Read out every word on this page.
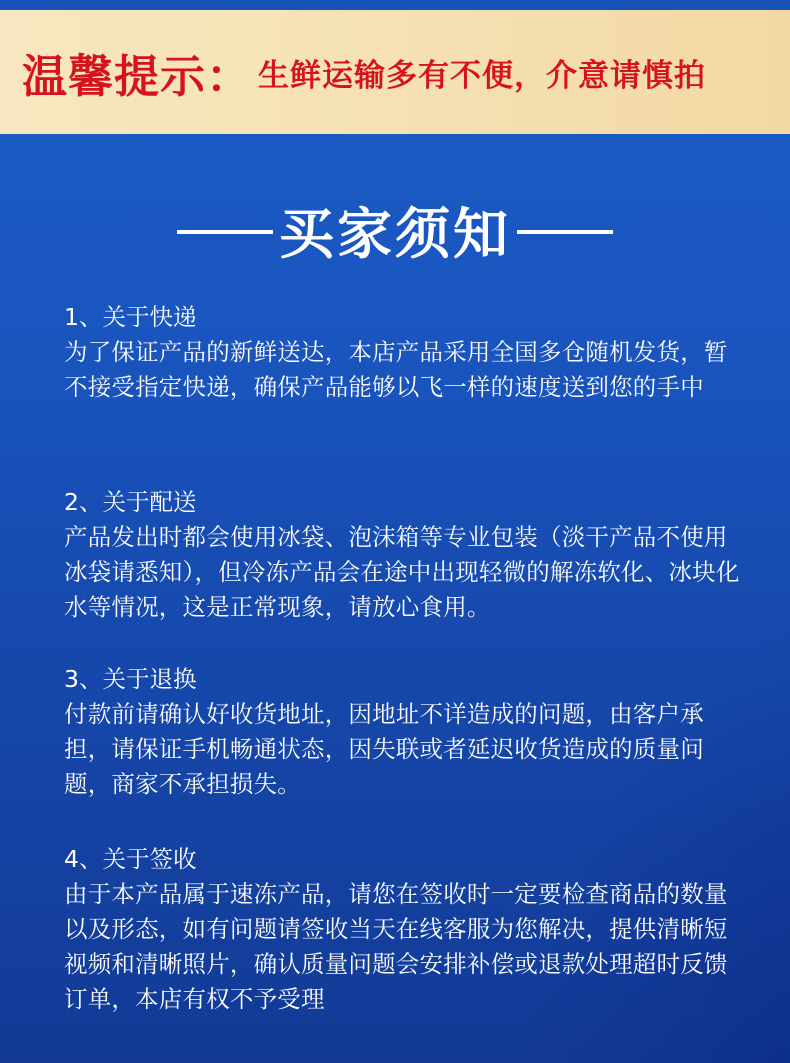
温馨提示： 生鲜运输多有不便，介意请慎拍
买家须知
1、关于快递
为了保证产品的新鲜送达，本店产品采用全国多仓随机发货，暂不接受指定快递，确保产品能够以飞一样的速度送到您的手中
2、关于配送
产品发出时都会使用冰袋、泡沫箱等专业包装（淡干产品不使用冰袋请悉知），但冷冻产品会在途中出现轻微的解冻软化、冰块化水等情况，这是正常现象，请放心食用。
3、关于退换
付款前请确认好收货地址，因地址不详造成的问题，由客户承担，请保证手机畅通状态，因失联或者延迟收货造成的质量问题，商家不承担损失。
4、关于签收
由于本产品属于速冻产品，请您在签收时一定要检查商品的数量以及形态，如有问题请签收当天在线客服为您解决，提供清晰短视频和清晰照片，确认质量问题会安排补偿或退款处理超时反馈订单，本店有权不予受理
